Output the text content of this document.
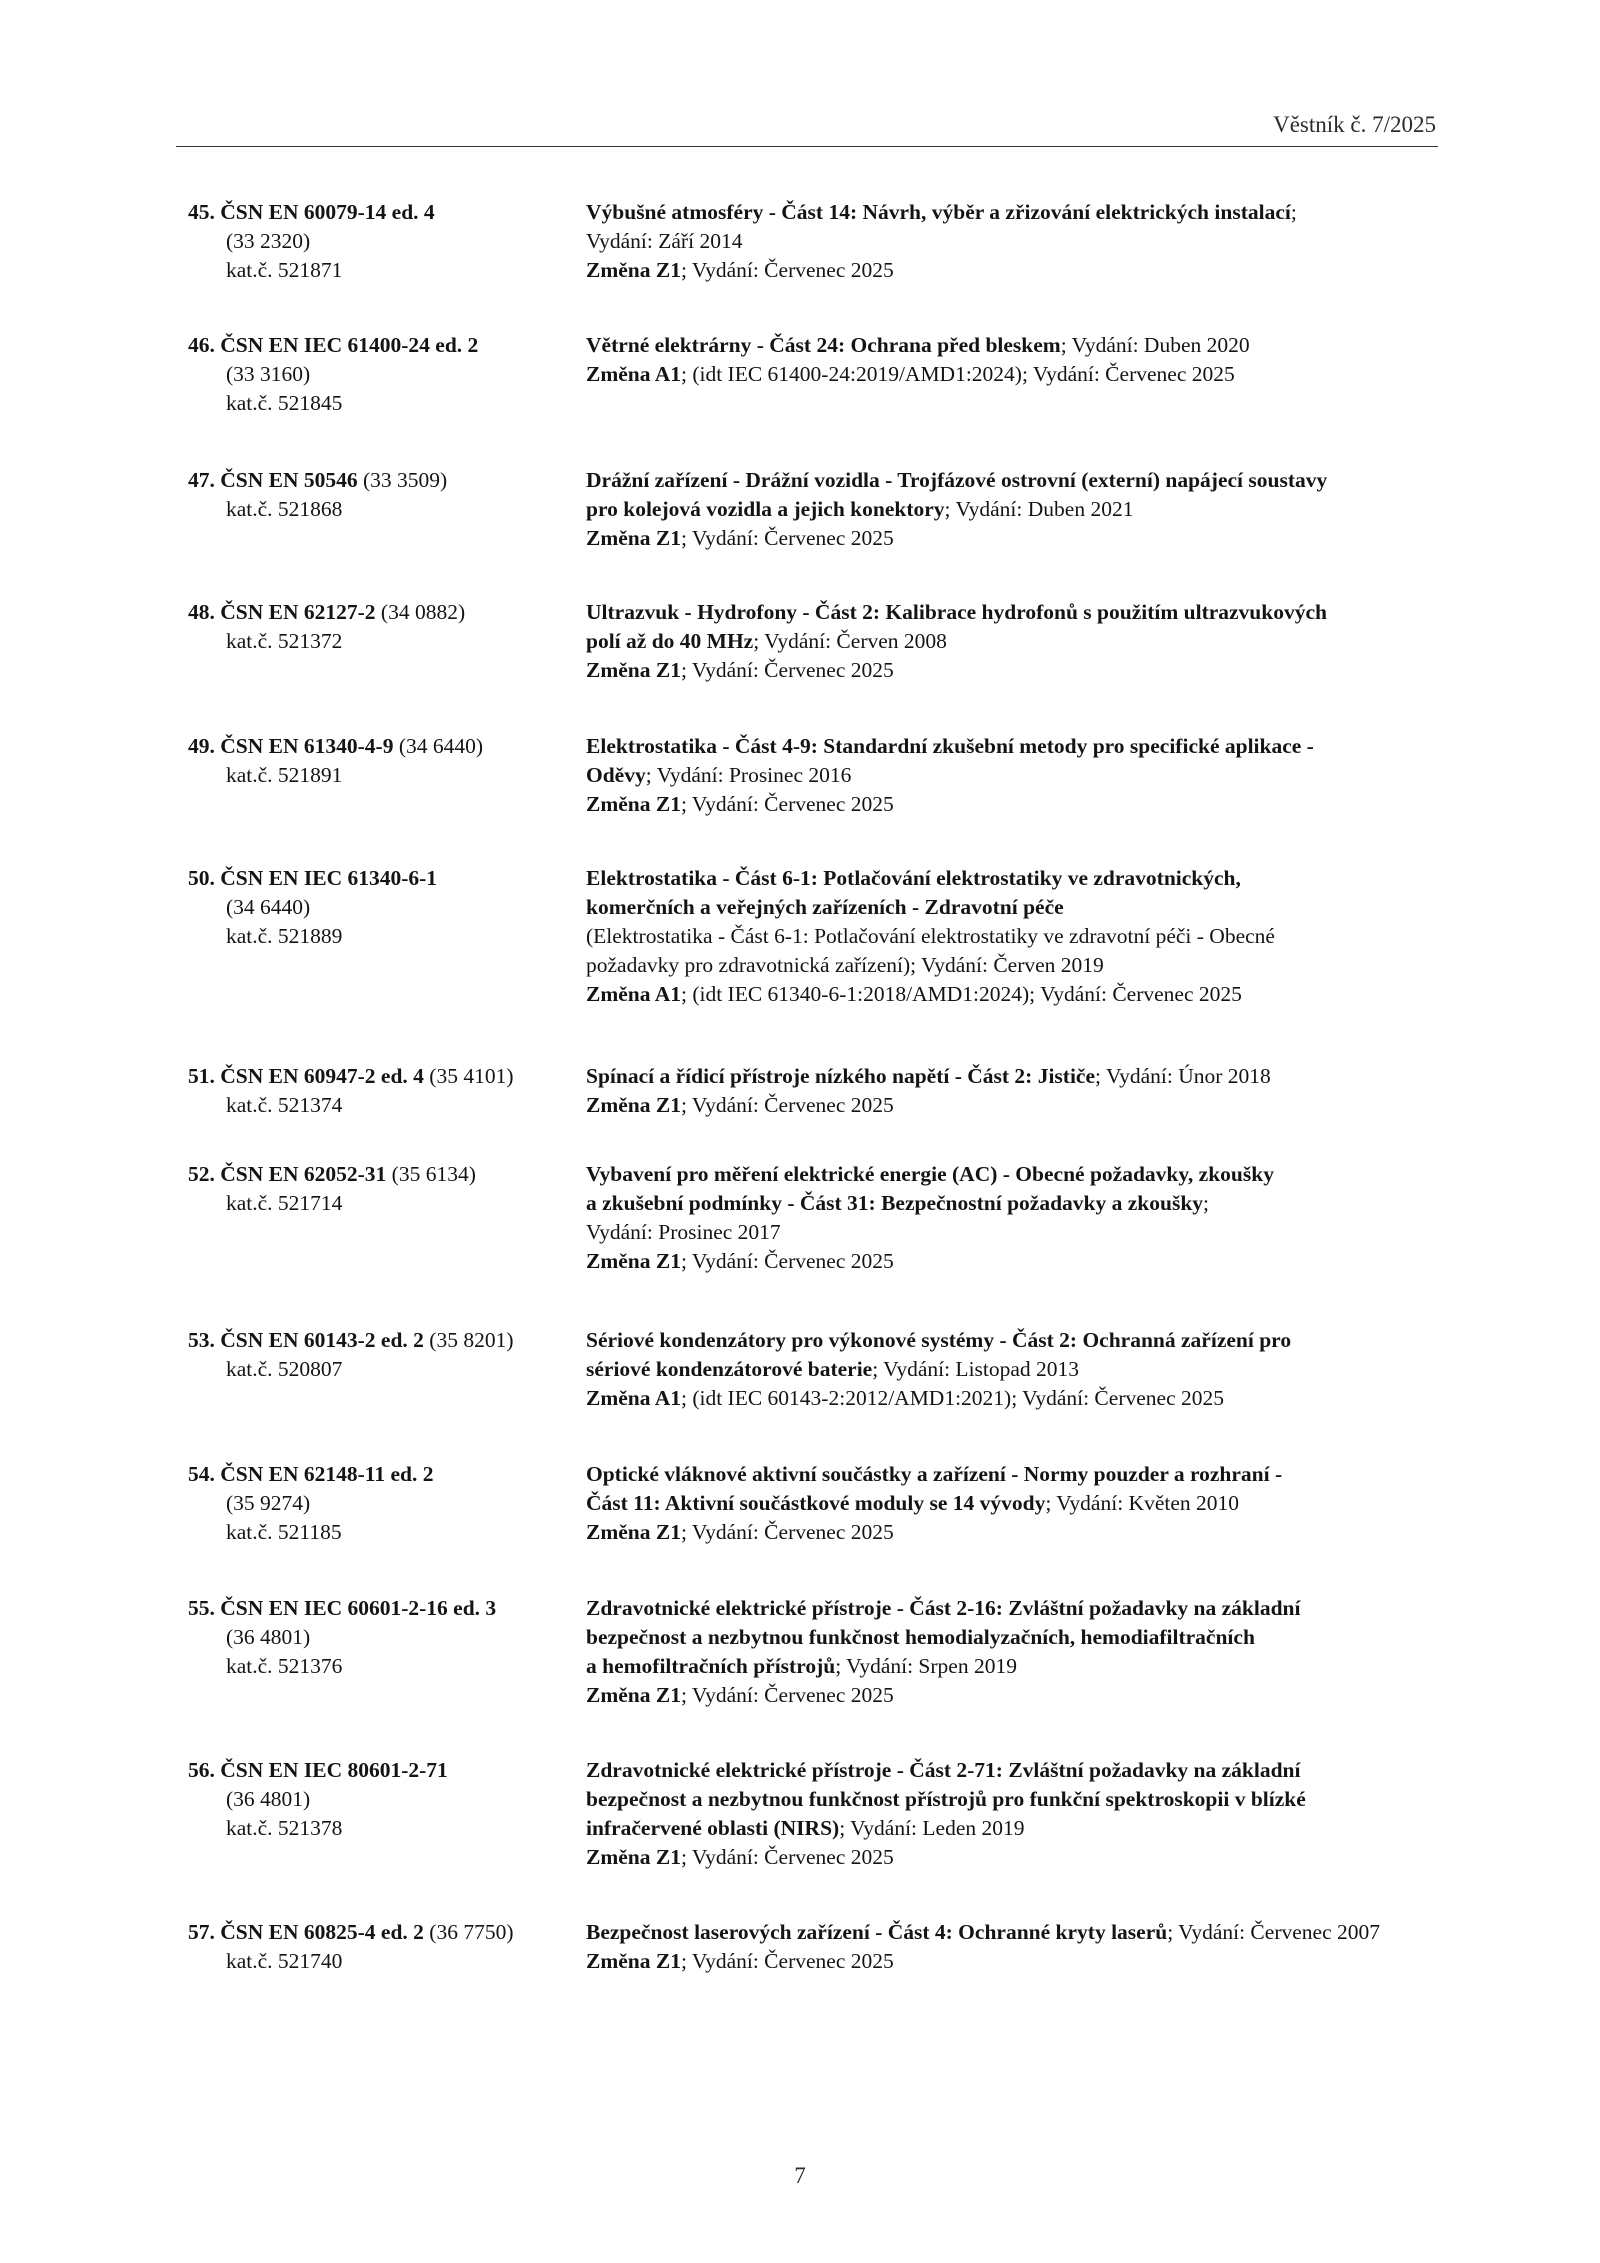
Věstník č. 7/2025
45. ČSN EN 60079-14 ed. 4
(33 2320)
kat.č. 521871
Výbušné atmosféry - Část 14: Návrh, výběr a zřizování elektrických instalací;
Vydání: Září 2014
Změna Z1; Vydání: Červenec 2025
46. ČSN EN IEC 61400-24 ed. 2
(33 3160)
kat.č. 521845
Větrné elektrárny - Část 24: Ochrana před bleskem; Vydání: Duben 2020
Změna A1; (idt IEC 61400-24:2019/AMD1:2024); Vydání: Červenec 2025
47. ČSN EN 50546 (33 3509)
kat.č. 521868
Drážní zařízení - Drážní vozidla - Trojfázové ostrovní (externí) napájecí soustavy
pro kolejová vozidla a jejich konektory; Vydání: Duben 2021
Změna Z1; Vydání: Červenec 2025
48. ČSN EN 62127-2 (34 0882)
kat.č. 521372
Ultrazvuk - Hydrofony - Část 2: Kalibrace hydrofonů s použitím ultrazvukových
polí až do 40 MHz; Vydání: Červen 2008
Změna Z1; Vydání: Červenec 2025
49. ČSN EN 61340-4-9 (34 6440)
kat.č. 521891
Elektrostatika - Část 4-9: Standardní zkušební metody pro specifické aplikace -
Oděvy; Vydání: Prosinec 2016
Změna Z1; Vydání: Červenec 2025
50. ČSN EN IEC 61340-6-1
(34 6440)
kat.č. 521889
Elektrostatika - Část 6-1: Potlačování elektrostatiky ve zdravotnických,
komerčních a veřejných zařízeních - Zdravotní péče
(Elektrostatika - Část 6-1: Potlačování elektrostatiky ve zdravotní péči - Obecné
požadavky pro zdravotnická zařízení); Vydání: Červen 2019
Změna A1; (idt IEC 61340-6-1:2018/AMD1:2024); Vydání: Červenec 2025
51. ČSN EN 60947-2 ed. 4 (35 4101)
kat.č. 521374
Spínací a řídicí přístroje nízkého napětí - Část 2: Jističe; Vydání: Únor 2018
Změna Z1; Vydání: Červenec 2025
52. ČSN EN 62052-31 (35 6134)
kat.č. 521714
Vybavení pro měření elektrické energie (AC) - Obecné požadavky, zkoušky
a zkušební podmínky - Část 31: Bezpečnostní požadavky a zkoušky;
Vydání: Prosinec 2017
Změna Z1; Vydání: Červenec 2025
53. ČSN EN 60143-2 ed. 2 (35 8201)
kat.č. 520807
Sériové kondenzátory pro výkonové systémy - Část 2: Ochranná zařízení pro
sériové kondenzátorové baterie; Vydání: Listopad 2013
Změna A1; (idt IEC 60143-2:2012/AMD1:2021); Vydání: Červenec 2025
54. ČSN EN 62148-11 ed. 2
(35 9274)
kat.č. 521185
Optické vláknové aktivní součástky a zařízení - Normy pouzder a rozhraní -
Část 11: Aktivní součástkové moduly se 14 vývody; Vydání: Květen 2010
Změna Z1; Vydání: Červenec 2025
55. ČSN EN IEC 60601-2-16 ed. 3
(36 4801)
kat.č. 521376
Zdravotnické elektrické přístroje - Část 2-16: Zvláštní požadavky na základní
bezpečnost a nezbytnou funkčnost hemodialyzačních, hemodiafiltračních
a hemofiltračních přístrojů; Vydání: Srpen 2019
Změna Z1; Vydání: Červenec 2025
56. ČSN EN IEC 80601-2-71
(36 4801)
kat.č. 521378
Zdravotnické elektrické přístroje - Část 2-71: Zvláštní požadavky na základní
bezpečnost a nezbytnou funkčnost přístrojů pro funkční spektroskopii v blízké
infračervené oblasti (NIRS); Vydání: Leden 2019
Změna Z1; Vydání: Červenec 2025
57. ČSN EN 60825-4 ed. 2 (36 7750)
kat.č. 521740
Bezpečnost laserových zařízení - Část 4: Ochranné kryty laserů; Vydání: Červenec 2007
Změna Z1; Vydání: Červenec 2025
7
